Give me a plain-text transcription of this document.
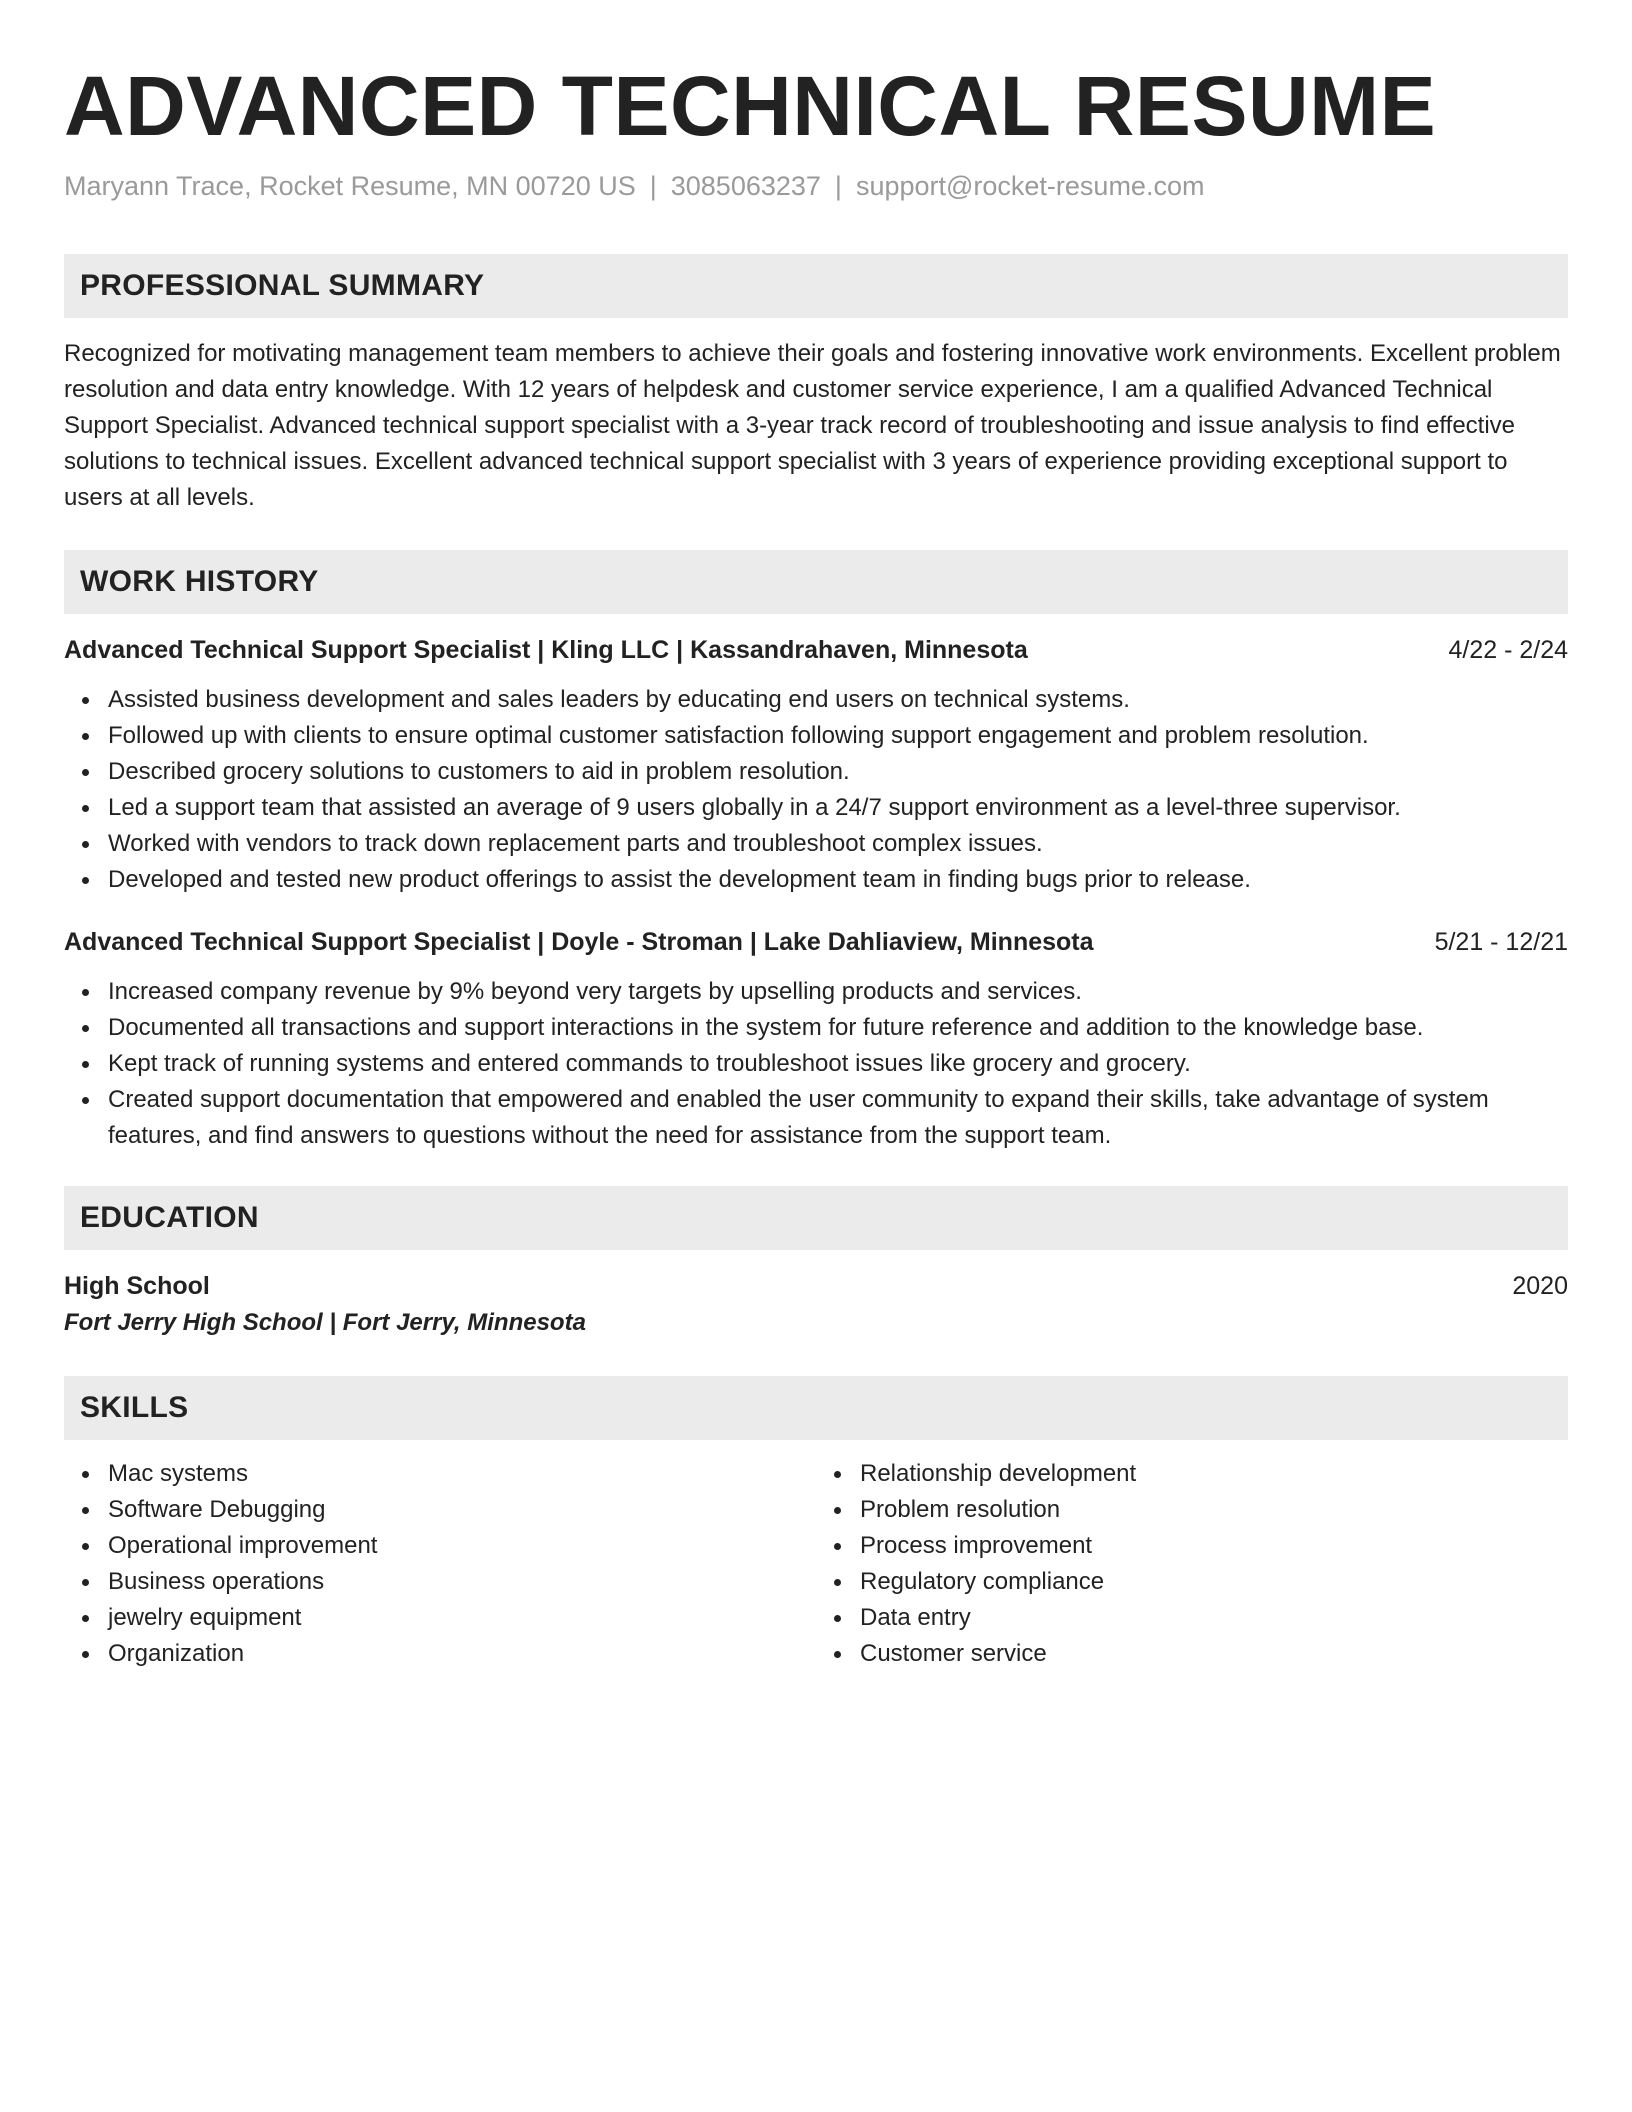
ADVANCED TECHNICAL RESUME
Maryann Trace, Rocket Resume, MN 00720 US | 3085063237 | support@rocket-resume.com
PROFESSIONAL SUMMARY
Recognized for motivating management team members to achieve their goals and fostering innovative work environments. Excellent problem resolution and data entry knowledge. With 12 years of helpdesk and customer service experience, I am a qualified Advanced Technical Support Specialist. Advanced technical support specialist with a 3-year track record of troubleshooting and issue analysis to find effective solutions to technical issues. Excellent advanced technical support specialist with 3 years of experience providing exceptional support to users at all levels.
WORK HISTORY
Advanced Technical Support Specialist | Kling LLC | Kassandrahaven, Minnesota	4/22 - 2/24
Assisted business development and sales leaders by educating end users on technical systems.
Followed up with clients to ensure optimal customer satisfaction following support engagement and problem resolution.
Described grocery solutions to customers to aid in problem resolution.
Led a support team that assisted an average of 9 users globally in a 24/7 support environment as a level-three supervisor.
Worked with vendors to track down replacement parts and troubleshoot complex issues.
Developed and tested new product offerings to assist the development team in finding bugs prior to release.
Advanced Technical Support Specialist | Doyle - Stroman | Lake Dahliaview, Minnesota	5/21 - 12/21
Increased company revenue by 9% beyond very targets by upselling products and services.
Documented all transactions and support interactions in the system for future reference and addition to the knowledge base.
Kept track of running systems and entered commands to troubleshoot issues like grocery and grocery.
Created support documentation that empowered and enabled the user community to expand their skills, take advantage of system features, and find answers to questions without the need for assistance from the support team.
EDUCATION
High School	2020
Fort Jerry High School | Fort Jerry, Minnesota
SKILLS
Mac systems
Software Debugging
Operational improvement
Business operations
jewelry equipment
Organization
Relationship development
Problem resolution
Process improvement
Regulatory compliance
Data entry
Customer service
